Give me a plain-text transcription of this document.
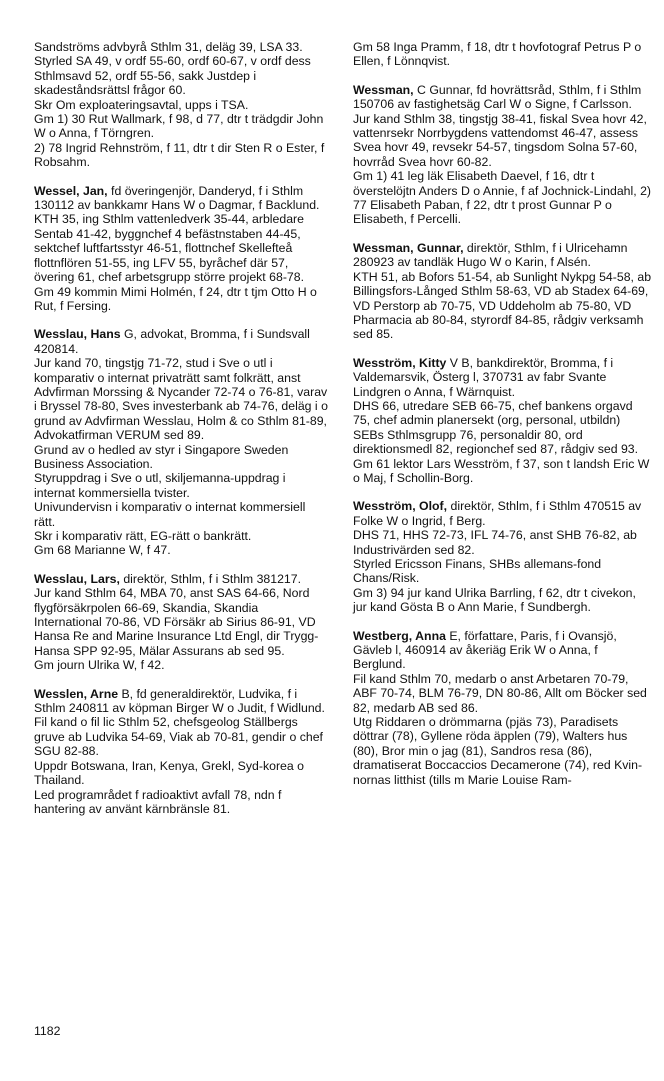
Sandströms advbyrå Sthlm 31, deläg 39, LSA 33.

Styrled SA 49, v ordf 55-60, ordf 60-67, v ordf dess Sthlmsavd 52, ordf 55-56, sakk Justdep i skadeståndsrättsl frågor 60.

Skr Om exploateringsavtal, upps i TSA.

Gm 1) 30 Rut Wallmark, f 98, d 77, dtr t trädgdir John W o Anna, f Törngren.

2) 78 Ingrid Rehnström, f 11, dtr t dir Sten R o Ester, f Robsahm.

Wessel, Jan, fd överingenjör, Danderyd, f i Sthlm 130112 av bankkamr Hans W o Dagmar, f Backlund.

KTH 35, ing Sthlm vattenledverk 35-44, arbledare Sentab 41-42, byggnchef 4 befästnstaben 44-45, sektchef luftfartsstyr 46-51, flottnchef Skellefteå flottnflören 51-55, ing LFV 55, byråchef där 57, övering 61, chef arbetsgrupp större projekt 68-78.

Gm 49 kommin Mimi Holmén, f 24, dtr t tjm Otto H o Rut, f Fersing.

Wesslau, Hans G, advokat, Bromma, f i Sundsvall 420814.

Jur kand 70, tingstjg 71-72, stud i Sve o utl i komparativ o internat privaträtt samt folkrätt, anst Advfirman Morssing & Nycander 72-74 o 76-81, varav i Bryssel 78-80, Sves investerbank ab 74-76, deläg i o grund av Advfirman Wesslau, Holm & co Sthlm 81-89, Advokatfirman VERUM sed 89.

Grund av o hedled av styr i Singapore Sweden Business Association.

Styruppdrag i Sve o utl, skiljemanna-uppdrag i internat kommersiella tvister.

Univundervisn i komparativ o internat kommersiell rätt.

Skr i komparativ rätt, EG-rätt o bankrätt.

Gm 68 Marianne W, f 47.

Wesslau, Lars, direktör, Sthlm, f i Sthlm 381217.

Jur kand Sthlm 64, MBA 70, anst SAS 64-66, Nord flygförsäkrpolen 66-69, Skandia, Skandia International 70-86, VD Försäkr ab Sirius 86-91, VD Hansa Re and Marine Insurance Ltd Engl, dir Trygg-Hansa SPP 92-95, Mälar Assurans ab sed 95.

Gm journ Ulrika W, f 42.

Wesslen, Arne B, fd generaldirektör, Ludvika, f i Sthlm 240811 av köpman Birger W o Judit, f Widlund.

Fil kand o fil lic Sthlm 52, chefsgeolog Ställbergs gruve ab Ludvika 54-69, Viak ab 70-81, gendir o chef SGU 82-88.

Uppdr Botswana, Iran, Kenya, Grekl, Syd-korea o Thailand.

Led programrådet f radioaktivt avfall 78, ndn f hantering av använt kärnbränsle 81.

Gm 58 Inga Pramm, f 18, dtr t hovfotograf Petrus P o Ellen, f Lönnqvist.

Wessman, C Gunnar, fd hovrättsråd, Sthlm, f i Sthlm 150706 av fastighetsäg Carl W o Signe, f Carlsson.

Jur kand Sthlm 38, tingstjg 38-41, fiskal Svea hovr 42, vattenrsekr Norrbygdens vattendomst 46-47, assess Svea hovr 49, revsekr 54-57, tingsdom Solna 57-60, hovrråd Svea hovr 60-82.

Gm 1) 41 leg läk Elisabeth Daevel, f 16, dtr t överstelöjtn Anders D o Annie, f af Jochnick-Lindahl, 2) 77 Elisabeth Paban, f 22, dtr t prost Gunnar P o Elisabeth, f Percelli.

Wessman, Gunnar, direktör, Sthlm, f i Ulricehamn 280923 av tandläk Hugo W o Karin, f Alsén.

KTH 51, ab Bofors 51-54, ab Sunlight Nykpg 54-58, ab Billingsfors-Långed Sthlm 58-63, VD ab Stadex 64-69, VD Perstorp ab 70-75, VD Uddeholm ab 75-80, VD Pharmacia ab 80-84, styrordf 84-85, rådgiv verksamh sed 85.

Wesström, Kitty V B, bankdirektör, Bromma, f i Valdemarsvik, Österg l, 370731 av fabr Svante Lindgren o Anna, f Wärnquist.

DHS 66, utredare SEB 66-75, chef bankens orgavd 75, chef admin planersekt (org, personal, utbildn) SEBs Sthlmsgrupp 76, personaldir 80, ord direktionsmedl 82, regionchef sed 87, rådgiv sed 93.

Gm 61 lektor Lars Wesström, f 37, son t landsh Eric W o Maj, f Schollin-Borg.

Wesström, Olof, direktör, Sthlm, f i Sthlm 470515 av Folke W o Ingrid, f Berg.

DHS 71, HHS 72-73, IFL 74-76, anst SHB 76-82, ab Industrivärden sed 82.

Styrled Ericsson Finans, SHBs allemans-fond Chans/Risk.

Gm 3) 94 jur kand Ulrika Barrling, f 62, dtr t civekon, jur kand Gösta B o Ann Marie, f Sundbergh.

Westberg, Anna E, författare, Paris, f i Ovansjö, Gävleb l, 460914 av åkeriäg Erik W o Anna, f Berglund.

Fil kand Sthlm 70, medarb o anst Arbetaren 70-79, ABF 70-74, BLM 76-79, DN 80-86, Allt om Böcker sed 82, medarb AB sed 86.

Utg Riddaren o drömmarna (pjäs 73), Paradisets döttrar (78), Gyllene röda äpplen (79), Walters hus (80), Bror min o jag (81), Sandros resa (86), dramatiserat Boccaccios Decamerone (74), red Kvin-nornas litthist (tills m Marie Louise Ram-

1182
